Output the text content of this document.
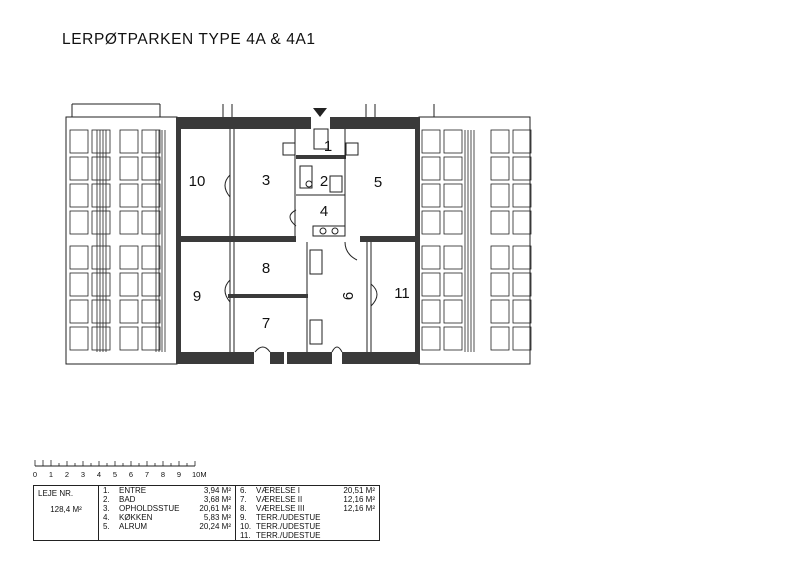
LERPØTPARKEN TYPE 4A & 4A1
1
2
3
4
5
6
7
8
9
10
11
0 1 2 3 4 5 6 7 8 9 10M
LEJE NR.
128,4 M²

1. ENTRE	3,94 M²
2. BAD	3,68 M²
3. OPHOLDSSTUE 20,61 M²
4. KØKKEN	5,83 M²
5. ALRUM	20,24 M²

6. VÆRELSE I	20,51 M²
7. VÆRELSE II	12,16 M²
8. VÆRELSE III	12,16 M²
9. TERR./UDESTUE
10. TERR./UDESTUE
11. TERR./UDESTUE
